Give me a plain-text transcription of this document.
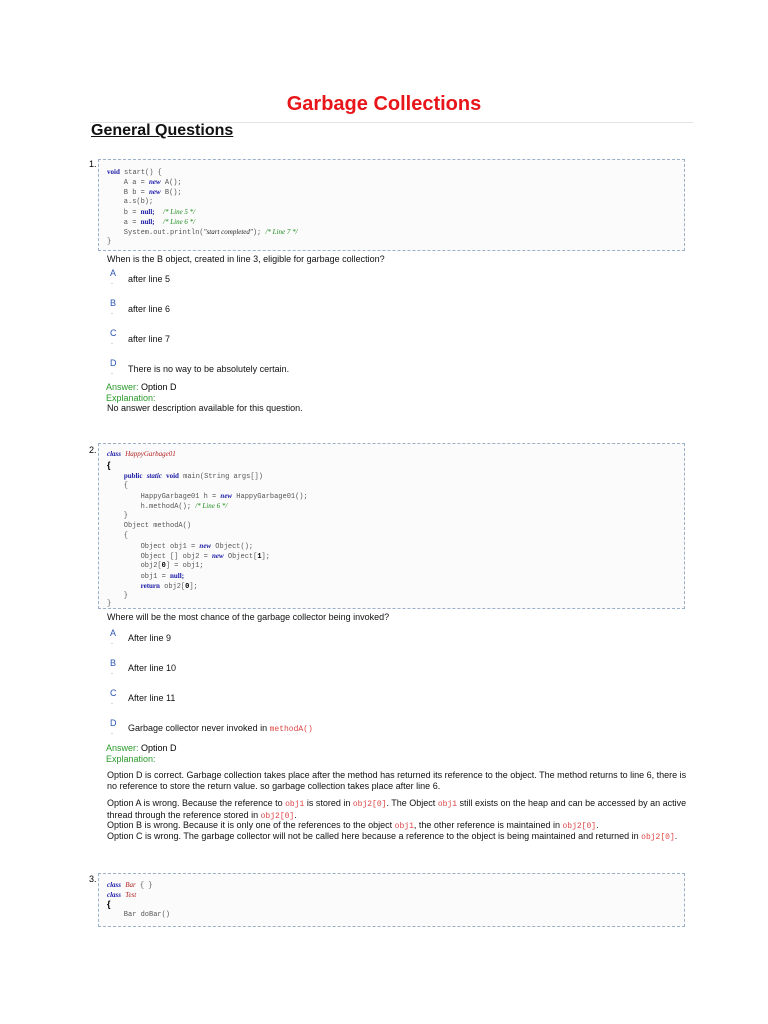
Garbage Collections
General Questions
1.
void start() {
A a = new A();
B b = new B();
a.s(b);
b = null; /* Line 5 */
a = null; /* Line 6 */
System.out.println("start completed"); /* Line 7 */
}
When is the B object, created in line 3, eligible for garbage collection?
A
- after line 5
B
- after line 6
C
- after line 7
D
- There is no way to be absolutely certain.
Answer: Option D
Explanation:
No answer description available for this question.
2. class HappyGarbage01
{
public static void main(String args[])
{
HappyGarbage01 h = new HappyGarbage01();
h.methodA(); /* Line 6 */
}
Object methodA()
{
Object obj1 = new Object();
Object [] obj2 = new Object[1];
obj2[0] = obj1;
obj1 = null;
return obj2[0];
}
}
Where will be the most chance of the garbage collector being invoked?
A
-
After line 9
B
-
After line 10
C
-
After line 11
D
-
Garbage collector never invoked in methodA()
Answer: Option D
Explanation:
Option D is correct. Garbage collection takes place after the method has returned its reference to the object. The method returns to line 6, there is no reference to store the return value. so garbage collection takes place after line 6.
Option A is wrong. Because the reference to obj1 is stored in obj2[0]. The Object obj1 still exists on the heap and can be accessed by an active thread through the reference stored in obj2[0].
Option B is wrong. Because it is only one of the references to the object obj1, the other reference is maintained in obj2[0].
Option C is wrong. The garbage collector will not be called here because a reference to the object is being maintained and returned in obj2[0].
3.
class Bar { }
class Test
{
Bar doBar()
